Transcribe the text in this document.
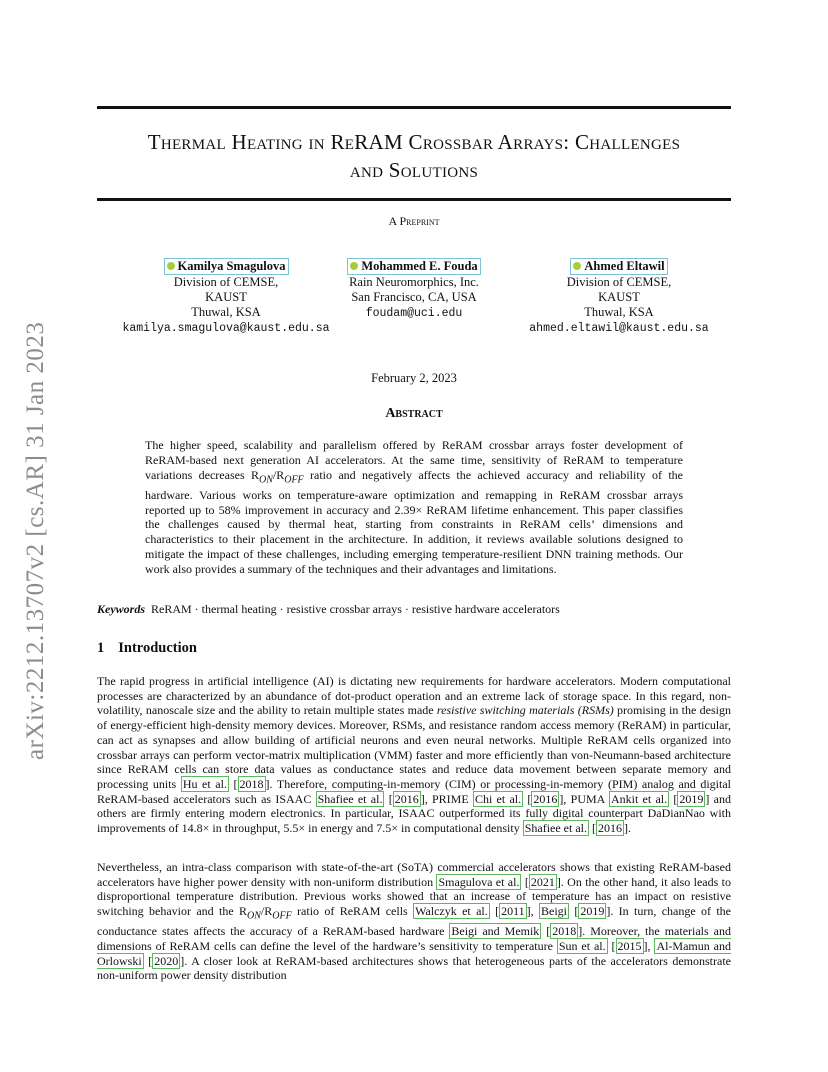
arXiv:2212.13707v2 [cs.AR] 31 Jan 2023
Thermal Heating in ReRAM Crossbar Arrays: Challenges
and Solutions
A Preprint
Kamilya Smagulova
Division of CEMSE,
KAUST
Thuwal, KSA
kamilya.smagulova@kaust.edu.sa
Mohammed E. Fouda
Rain Neuromorphics, Inc.
San Francisco, CA, USA
foudam@uci.edu
Ahmed Eltawil
Division of CEMSE,
KAUST
Thuwal, KSA
ahmed.eltawil@kaust.edu.sa
February 2, 2023
Abstract
The higher speed, scalability and parallelism offered by ReRAM crossbar arrays foster development of ReRAM-based next generation AI accelerators. At the same time, sensitivity of ReRAM to temperature variations decreases $R_{ON}/R_{OFF}$ ratio and negatively affects the achieved accuracy and reliability of the hardware. Various works on temperature-aware optimization and remapping in ReRAM crossbar arrays reported up to 58% improvement in accuracy and 2.39× ReRAM lifetime enhancement. This paper classifies the challenges caused by thermal heat, starting from constraints in ReRAM cells’ dimensions and characteristics to their placement in the architecture. In addition, it reviews available solutions designed to mitigate the impact of these challenges, including emerging temperature-resilient DNN training methods. Our work also provides a summary of the techniques and their advantages and limitations.
Keywords ReRAM · thermal heating · resistive crossbar arrays · resistive hardware accelerators
1 Introduction
The rapid progress in artificial intelligence (AI) is dictating new requirements for hardware accelerators. Modern computational processes are characterized by an abundance of dot-product operation and an extreme lack of storage space. In this regard, non-volatility, nanoscale size and the ability to retain multiple states made resistive switching materials (RSMs) promising in the design of energy-efficient high-density memory devices. Moreover, RSMs, and resistance random access memory (ReRAM) in particular, can act as synapses and allow building of artificial neurons and even neural networks. Multiple ReRAM cells organized into crossbar arrays can perform vector-matrix multiplication (VMM) faster and more efficiently than von-Neumann-based architecture since ReRAM cells can store data values as conductance states and reduce data movement between separate memory and processing units Hu et al. [ 2018 ]. Therefore, computing-in-memory (CIM) or processing-in-memory (PIM) analog and digital ReRAM-based accelerators such as ISAAC Shafiee et al. [ 2016 ], PRIME Chi et al. [ 2016 ], PUMA Ankit et al. [ 2019 ] and others are firmly entering modern electronics. In particular, ISAAC outperformed its fully digital counterpart DaDianNao with improvements of 14.8× in throughput, 5.5× in energy and 7.5× in computational density Shafiee et al. [ 2016 ].
Nevertheless, an intra-class comparison with state-of-the-art (SoTA) commercial accelerators shows that existing ReRAM-based accelerators have higher power density with non-uniform distribution Smagulova et al. [ 2021 ]. On the other hand, it also leads to disproportional temperature distribution. Previous works showed that an increase of temperature has an impact on resistive switching behavior and the $R_{ON}/R_{OFF}$ ratio of ReRAM cells Walczyk et al. [ 2011 ], Beigi [ 2019 ]. In turn, change of the conductance states affects the accuracy of a ReRAM-based hardware Beigi and Memik [ 2018 ]. Moreover, the materials and dimensions of ReRAM cells can define the level of the hardware’s sensitivity to temperature Sun et al. [ 2015 ], Al-Mamun and Orlowski [ 2020 ]. A closer look at ReRAM-based architectures shows that heterogeneous parts of the accelerators demonstrate non-uniform power density distribution
